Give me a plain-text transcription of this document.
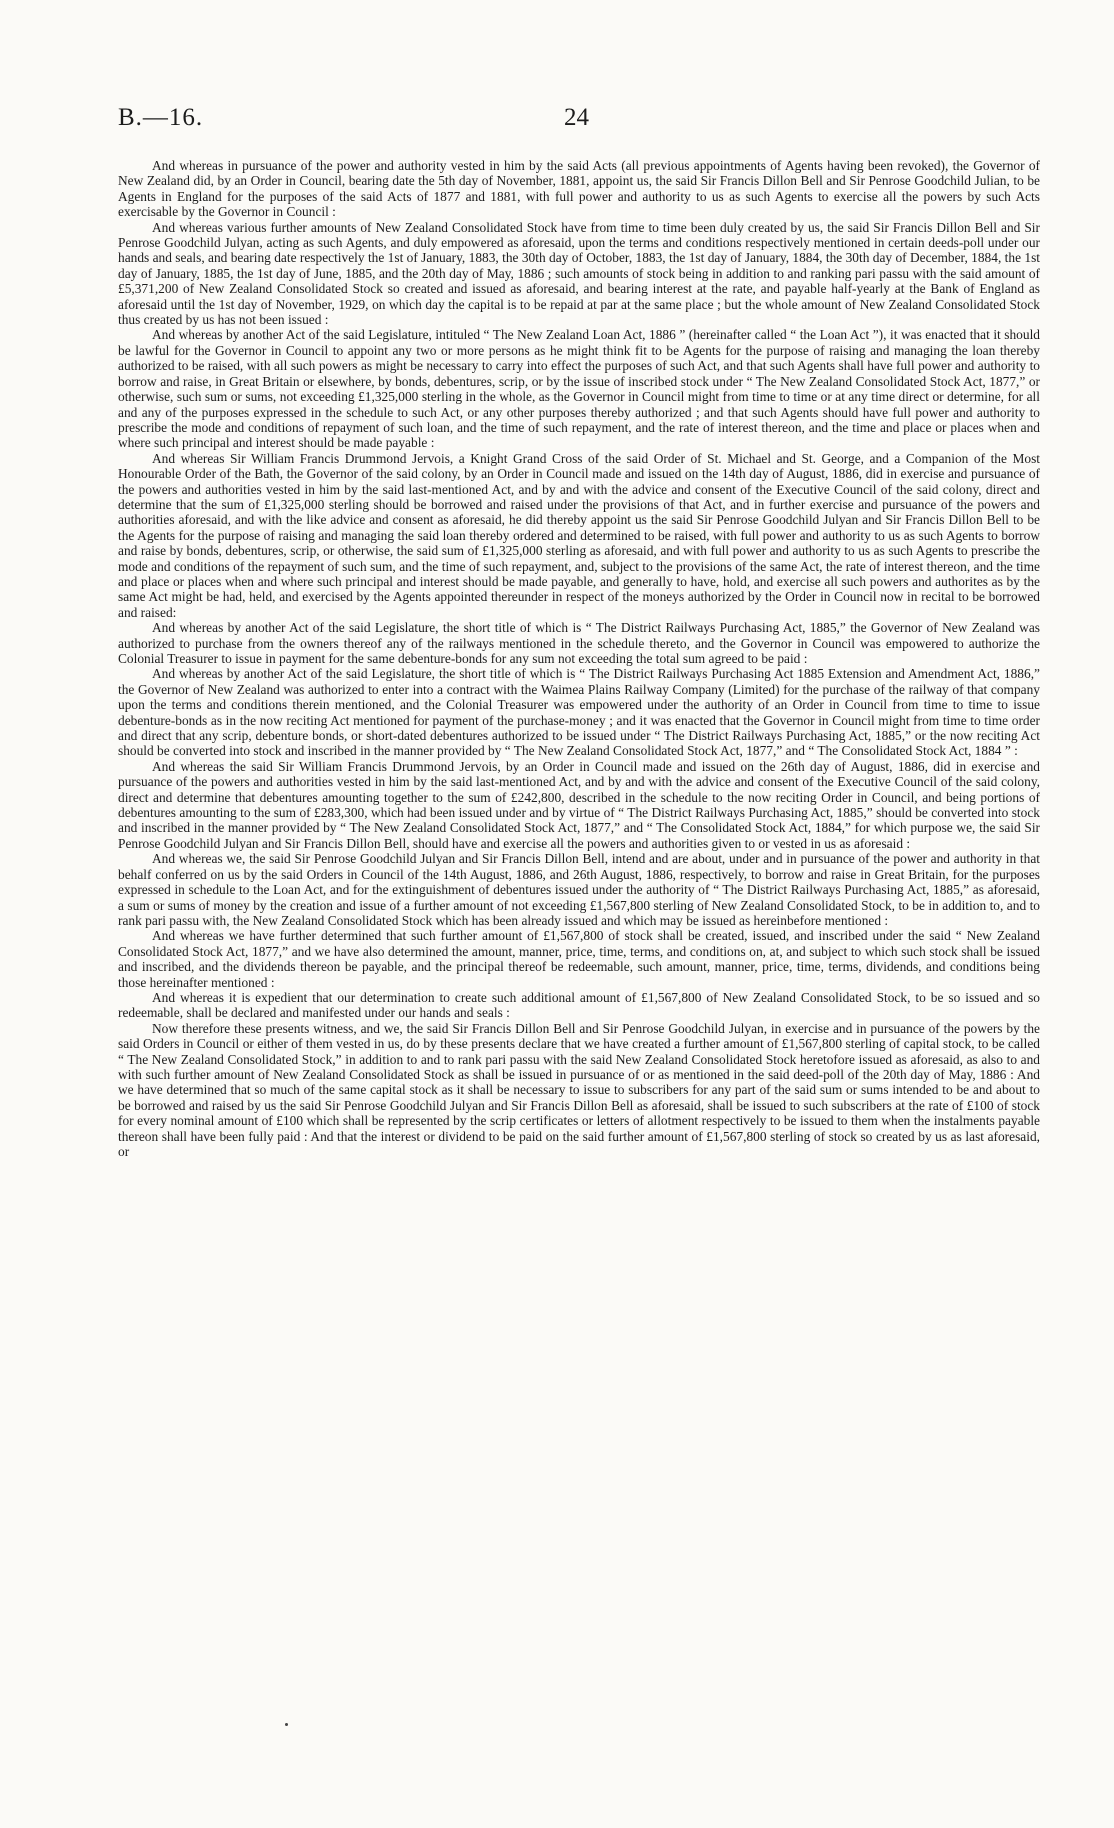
B.—16.	24

And whereas in pursuance of the power and authority vested in him by the said Acts (all previous appointments of Agents having been revoked), the Governor of New Zealand did, by an Order in Council, bearing date the 5th day of November, 1881, appoint us, the said Sir Francis Dillon Bell and Sir Penrose Goodchild Julian, to be Agents in England for the purposes of the said Acts of 1877 and 1881, with full power and authority to us as such Agents to exercise all the powers by such Acts exercisable by the Governor in Council :

And whereas various further amounts of New Zealand Consolidated Stock have from time to time been duly created by us, the said Sir Francis Dillon Bell and Sir Penrose Goodchild Julyan, acting as such Agents, and duly empowered as aforesaid, upon the terms and conditions respectively mentioned in certain deeds-poll under our hands and seals, and bearing date respectively the 1st of January, 1883, the 30th day of October, 1883, the 1st day of January, 1884, the 30th day of December, 1884, the 1st day of January, 1885, the 1st day of June, 1885, and the 20th day of May, 1886 ; such amounts of stock being in addition to and ranking pari passu with the said amount of £5,371,200 of New Zealand Consolidated Stock so created and issued as aforesaid, and bearing interest at the rate, and payable half-yearly at the Bank of England as aforesaid until the 1st day of November, 1929, on which day the capital is to be repaid at par at the same place ; but the whole amount of New Zealand Consolidated Stock thus created by us has not been issued :

And whereas by another Act of the said Legislature, intituled “ The New Zealand Loan Act, 1886 ” (hereinafter called “ the Loan Act ”), it was enacted that it should be lawful for the Governor in Council to appoint any two or more persons as he might think fit to be Agents for the purpose of raising and managing the loan thereby authorized to be raised, with all such powers as might be necessary to carry into effect the purposes of such Act, and that such Agents shall have full power and authority to borrow and raise, in Great Britain or elsewhere, by bonds, debentures, scrip, or by the issue of inscribed stock under “ The New Zealand Consolidated Stock Act, 1877,” or otherwise, such sum or sums, not exceeding £1,325,000 sterling in the whole, as the Governor in Council might from time to time or at any time direct or determine, for all and any of the purposes expressed in the schedule to such Act, or any other purposes thereby authorized ; and that such Agents should have full power and authority to prescribe the mode and conditions of repayment of such loan, and the time of such repayment, and the rate of interest thereon, and the time and place or places when and where such principal and interest should be made payable :

And whereas Sir William Francis Drummond Jervois, a Knight Grand Cross of the said Order of St. Michael and St. George, and a Companion of the Most Honourable Order of the Bath, the Governor of the said colony, by an Order in Council made and issued on the 14th day of August, 1886, did in exercise and pursuance of the powers and authorities vested in him by the said last-mentioned Act, and by and with the advice and consent of the Executive Council of the said colony, direct and determine that the sum of £1,325,000 sterling should be borrowed and raised under the provisions of that Act, and in further exercise and pursuance of the powers and authorities aforesaid, and with the like advice and consent as aforesaid, he did thereby appoint us the said Sir Penrose Goodchild Julyan and Sir Francis Dillon Bell to be the Agents for the purpose of raising and managing the said loan thereby ordered and determined to be raised, with full power and authority to us as such Agents to borrow and raise by bonds, debentures, scrip, or otherwise, the said sum of £1,325,000 sterling as aforesaid, and with full power and authority to us as such Agents to prescribe the mode and conditions of the repayment of such sum, and the time of such repayment, and, subject to the provisions of the same Act, the rate of interest thereon, and the time and place or places when and where such principal and interest should be made payable, and generally to have, hold, and exercise all such powers and authorites as by the same Act might be had, held, and exercised by the Agents appointed thereunder in respect of the moneys authorized by the Order in Council now in recital to be borrowed and raised:

And whereas by another Act of the said Legislature, the short title of which is “ The District Railways Purchasing Act, 1885,” the Governor of New Zealand was authorized to purchase from the owners thereof any of the railways mentioned in the schedule thereto, and the Governor in Council was empowered to authorize the Colonial Treasurer to issue in payment for the same debenture-bonds for any sum not exceeding the total sum agreed to be paid :

And whereas by another Act of the said Legislature, the short title of which is “ The District Railways Purchasing Act 1885 Extension and Amendment Act, 1886,” the Governor of New Zealand was authorized to enter into a contract with the Waimea Plains Railway Company (Limited) for the purchase of the railway of that company upon the terms and conditions therein mentioned, and the Colonial Treasurer was empowered under the authority of an Order in Council from time to time to issue debenture-bonds as in the now reciting Act mentioned for payment of the purchase-money ; and it was enacted that the Governor in Council might from time to time order and direct that any scrip, debenture bonds, or short-dated debentures authorized to be issued under “ The District Railways Purchasing Act, 1885,” or the now reciting Act should be converted into stock and inscribed in the manner provided by “ The New Zealand Consolidated Stock Act, 1877,” and “ The Consolidated Stock Act, 1884 ” :

And whereas the said Sir William Francis Drummond Jervois, by an Order in Council made and issued on the 26th day of August, 1886, did in exercise and pursuance of the powers and authorities vested in him by the said last-mentioned Act, and by and with the advice and consent of the Executive Council of the said colony, direct and determine that debentures amounting together to the sum of £242,800, described in the schedule to the now reciting Order in Council, and being portions of debentures amounting to the sum of £283,300, which had been issued under and by virtue of “ The District Railways Purchasing Act, 1885,” should be converted into stock and inscribed in the manner provided by “ The New Zealand Consolidated Stock Act, 1877,” and “ The Consolidated Stock Act, 1884,” for which purpose we, the said Sir Penrose Goodchild Julyan and Sir Francis Dillon Bell, should have and exercise all the powers and authorities given to or vested in us as aforesaid :

And whereas we, the said Sir Penrose Goodchild Julyan and Sir Francis Dillon Bell, intend and are about, under and in pursuance of the power and authority in that behalf conferred on us by the said Orders in Council of the 14th August, 1886, and 26th August, 1886, respectively, to borrow and raise in Great Britain, for the purposes expressed in schedule to the Loan Act, and for the extinguishment of debentures issued under the authority of “ The District Railways Purchasing Act, 1885,” as aforesaid, a sum or sums of money by the creation and issue of a further amount of not exceeding £1,567,800 sterling of New Zealand Consolidated Stock, to be in addition to, and to rank pari passu with, the New Zealand Consolidated Stock which has been already issued and which may be issued as hereinbefore mentioned :

And whereas we have further determined that such further amount of £1,567,800 of stock shall be created, issued, and inscribed under the said “ New Zealand Consolidated Stock Act, 1877,” and we have also determined the amount, manner, price, time, terms, and conditions on, at, and subject to which such stock shall be issued and inscribed, and the dividends thereon be payable, and the principal thereof be redeemable, such amount, manner, price, time, terms, dividends, and conditions being those hereinafter mentioned :

And whereas it is expedient that our determination to create such additional amount of £1,567,800 of New Zealand Consolidated Stock, to be so issued and so redeemable, shall be declared and manifested under our hands and seals :

Now therefore these presents witness, and we, the said Sir Francis Dillon Bell and Sir Penrose Goodchild Julyan, in exercise and in pursuance of the powers by the said Orders in Council or either of them vested in us, do by these presents declare that we have created a further amount of £1,567,800 sterling of capital stock, to be called “ The New Zealand Consolidated Stock,” in addition to and to rank pari passu with the said New Zealand Consolidated Stock heretofore issued as aforesaid, as also to and with such further amount of New Zealand Consolidated Stock as shall be issued in pursuance of or as mentioned in the said deed-poll of the 20th day of May, 1886 : And we have determined that so much of the same capital stock as it shall be necessary to issue to subscribers for any part of the said sum or sums intended to be and about to be borrowed and raised by us the said Sir Penrose Goodchild Julyan and Sir Francis Dillon Bell as aforesaid, shall be issued to such subscribers at the rate of £100 of stock for every nominal amount of £100 which shall be represented by the scrip certificates or letters of allotment respectively to be issued to them when the instalments payable thereon shall have been fully paid : And that the interest or dividend to be paid on the said further amount of £1,567,800 sterling of stock so created by us as last aforesaid, or
